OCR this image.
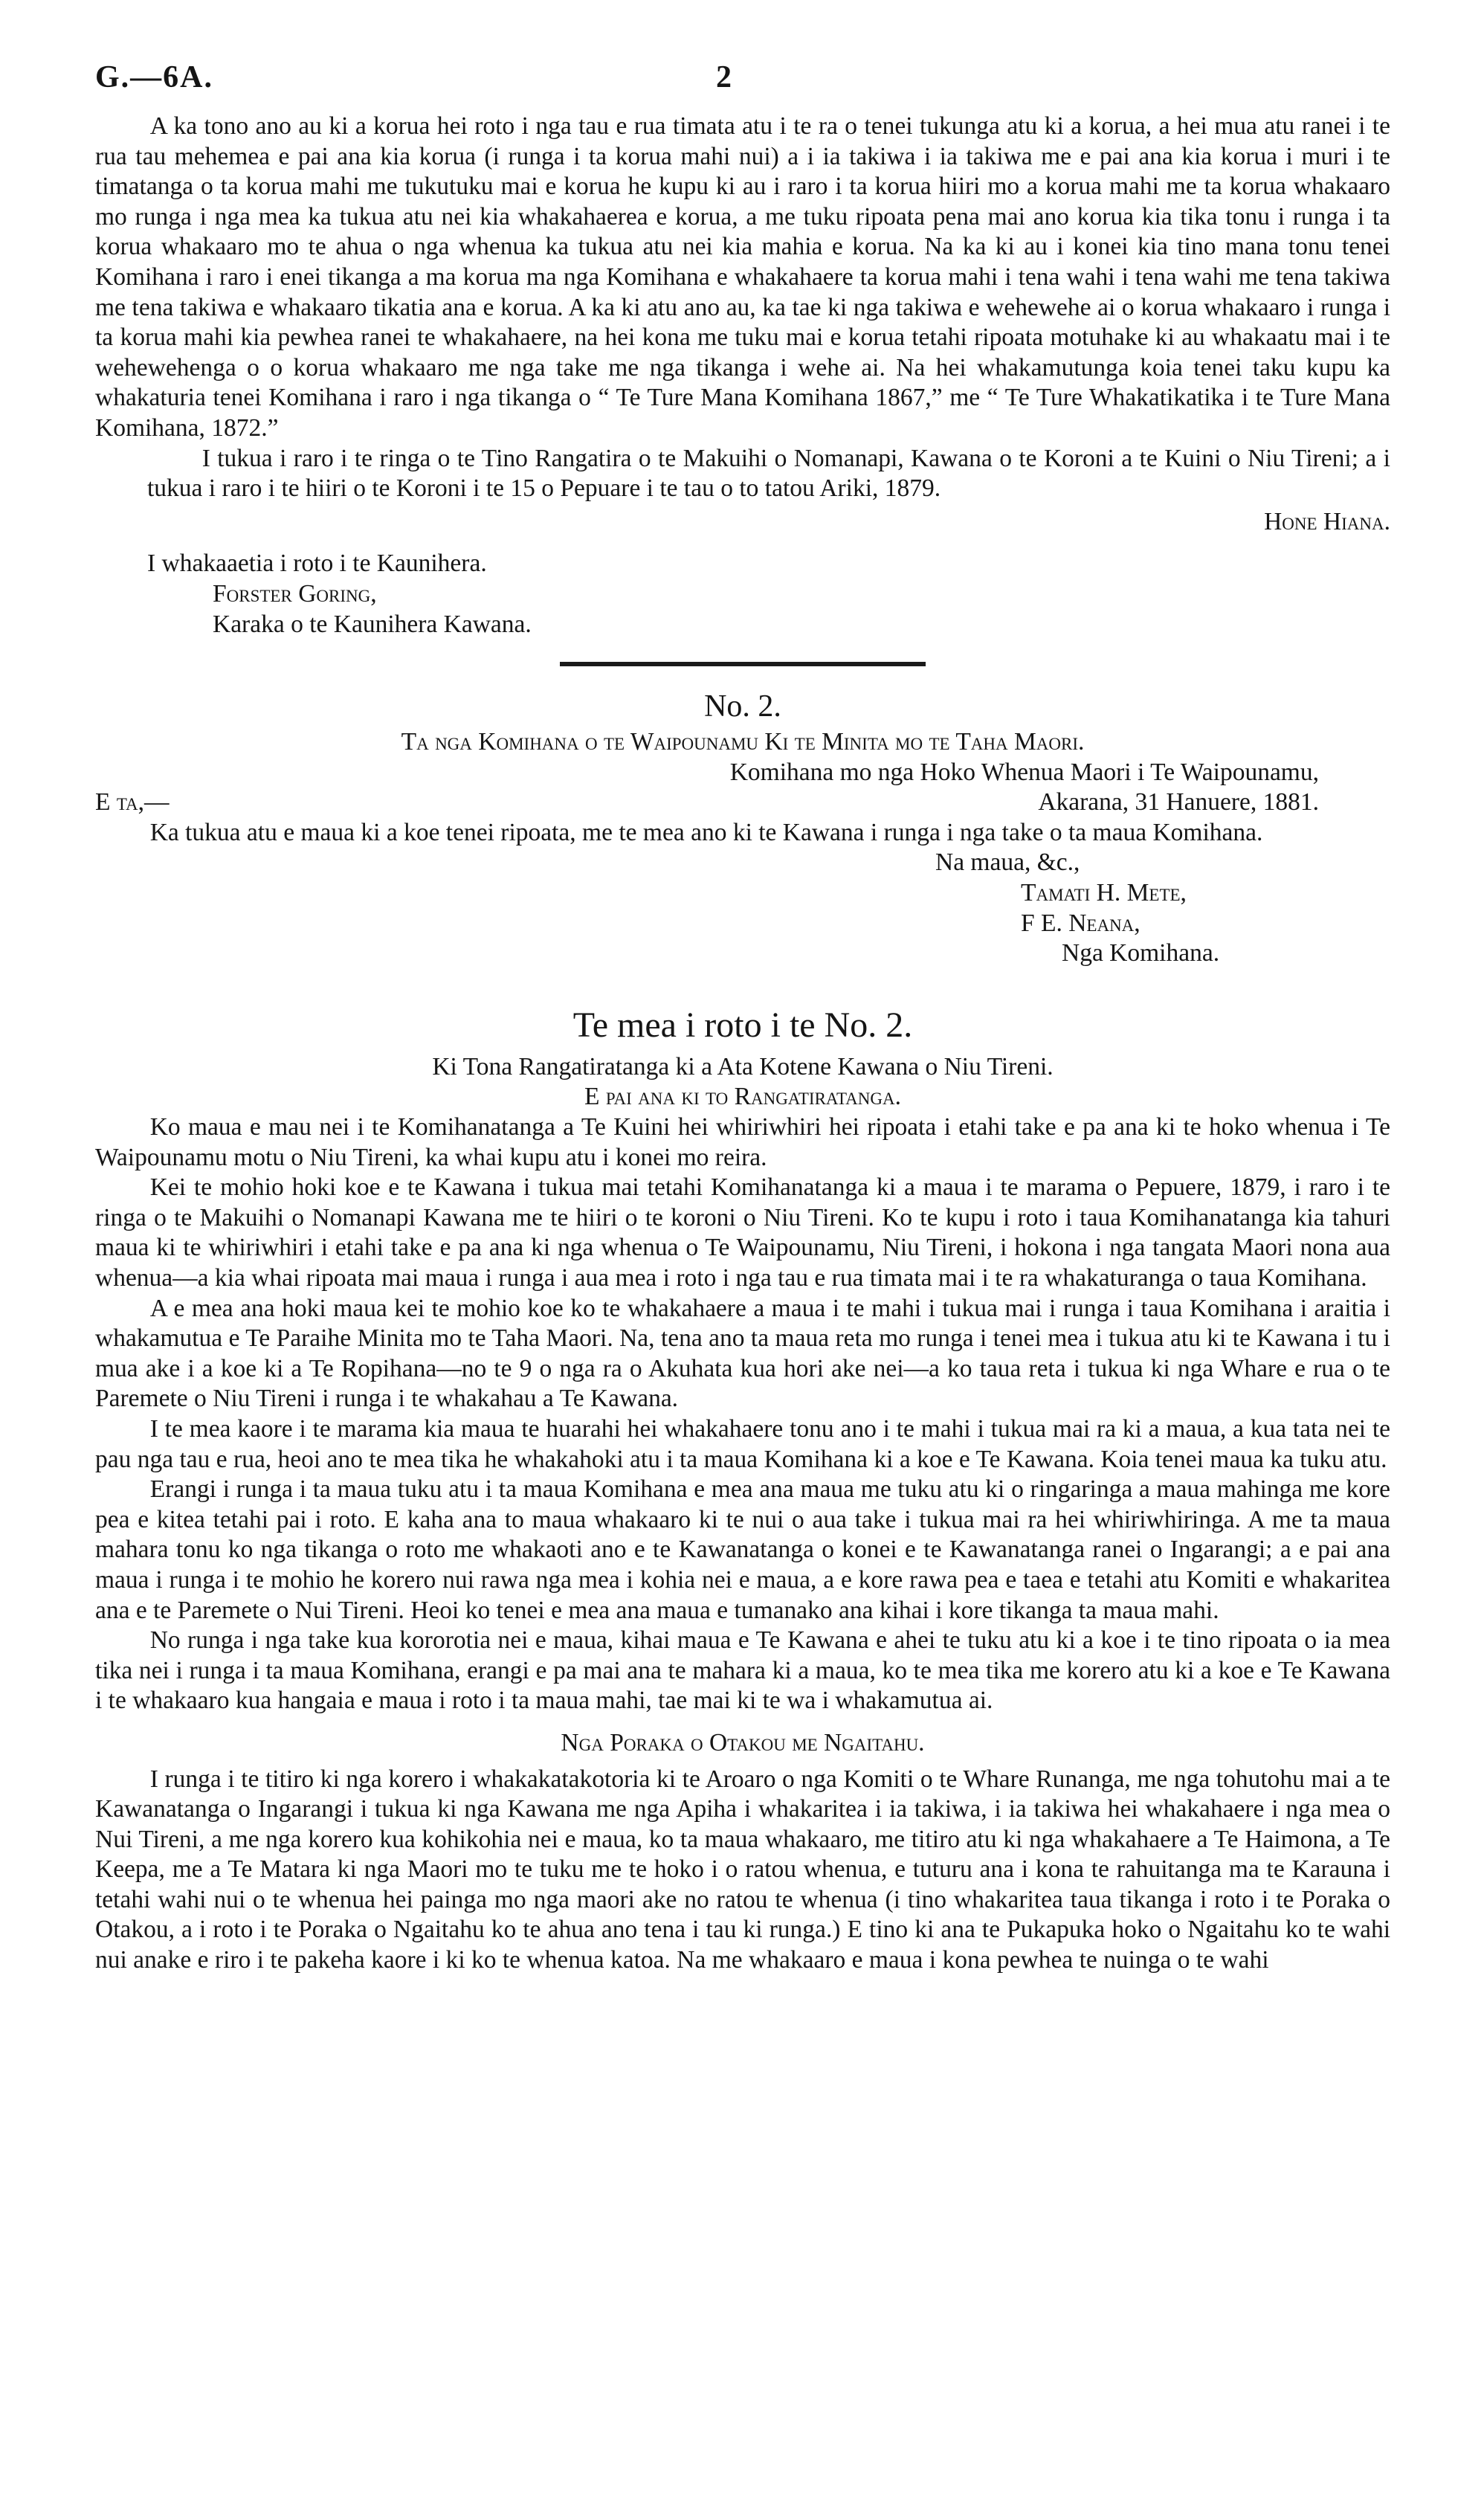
G.—6A.	2

A ka tono ano au ki a korua hei roto i nga tau e rua timata atu i te ra o tenei tukunga atu ki a korua, a hei mua atu ranei i te rua tau mehemea e pai ana kia korua (i runga i ta korua mahi nui) a i ia takiwa i ia takiwa me e pai ana kia korua i muri i te timatanga o ta korua mahi me tukutuku mai e korua he kupu ki au i raro i ta korua hiiri mo a korua mahi me ta korua whakaaro mo runga i nga mea ka tukua atu nei kia whakahaerea e korua, a me tuku ripoata pena mai ano korua kia tika tonu i runga i ta korua whakaaro mo te ahua o nga whenua ka tukua atu nei kia mahia e korua. Na ka ki au i konei kia tino mana tonu tenei Komihana i raro i enei tikanga a ma korua ma nga Komihana e whakahaere ta korua mahi i tena wahi i tena wahi me tena takiwa me tena takiwa e whakaaro tikatia ana e korua. A ka ki atu ano au, ka tae ki nga takiwa e wehewehe ai o korua whakaaro i runga i ta korua mahi kia pewhea ranei te whakahaere, na hei kona me tuku mai e korua tetahi ripoata motuhake ki au whakaatu mai i te wehewehenga o o korua whakaaro me nga take me nga tikanga i wehe ai. Na hei whakamutunga koia tenei taku kupu ka whakaturia tenei Komihana i raro i nga tikanga o “ Te Ture Mana Komihana 1867,” me “ Te Ture Whakatikatika i te Ture Mana Komihana, 1872.”

I tukua i raro i te ringa o te Tino Rangatira o te Makuihi o Nomanapi, Kawana o te Koroni a te Kuini o Niu Tireni; a i tukua i raro i te hiiri o te Koroni i te 15 o Pepuare i te tau o to tatou Ariki, 1879.

Hone Hiana.

I whakaaetia i roto i te Kaunihera.

Forster Goring,

Karaka o te Kaunihera Kawana.

No. 2.

Ta nga Komihana o te Waipounamu Ki te Minita mo te Taha Maori.

Komihana mo nga Hoko Whenua Maori i Te Waipounamu,

E ta,—	Akarana, 31 Hanuere, 1881.

Ka tukua atu e maua ki a koe tenei ripoata, me te mea ano ki te Kawana i runga i nga take o ta maua Komihana.

Na maua, &c.,

Tamati H. Mete,

F E. Neana,

Nga Komihana.

Te mea i roto i te No. 2.

Ki Tona Rangatiratanga ki a Ata Kotene Kawana o Niu Tireni.

E pai ana ki to Rangatiratanga.

Ko maua e mau nei i te Komihanatanga a Te Kuini hei whiriwhiri hei ripoata i etahi take e pa ana ki te hoko whenua i Te Waipounamu motu o Niu Tireni, ka whai kupu atu i konei mo reira.

Kei te mohio hoki koe e te Kawana i tukua mai tetahi Komihanatanga ki a maua i te marama o Pepuere, 1879, i raro i te ringa o te Makuihi o Nomanapi Kawana me te hiiri o te koroni o Niu Tireni. Ko te kupu i roto i taua Komihanatanga kia tahuri maua ki te whiriwhiri i etahi take e pa ana ki nga whenua o Te Waipounamu, Niu Tireni, i hokona i nga tangata Maori nona aua whenua—a kia whai ripoata mai maua i runga i aua mea i roto i nga tau e rua timata mai i te ra whakaturanga o taua Komihana.

A e mea ana hoki maua kei te mohio koe ko te whakahaere a maua i te mahi i tukua mai i runga i taua Komihana i araitia i whakamutua e Te Paraihe Minita mo te Taha Maori. Na, tena ano ta maua reta mo runga i tenei mea i tukua atu ki te Kawana i tu i mua ake i a koe ki a Te Ropihana—no te 9 o nga ra o Akuhata kua hori ake nei—a ko taua reta i tukua ki nga Whare e rua o te Paremete o Niu Tireni i runga i te whakahau a Te Kawana.

I te mea kaore i te marama kia maua te huarahi hei whakahaere tonu ano i te mahi i tukua mai ra ki a maua, a kua tata nei te pau nga tau e rua, heoi ano te mea tika he whakahoki atu i ta maua Komihana ki a koe e Te Kawana. Koia tenei maua ka tuku atu.

Erangi i runga i ta maua tuku atu i ta maua Komihana e mea ana maua me tuku atu ki o ringaringa a maua mahinga me kore pea e kitea tetahi pai i roto. E kaha ana to maua whakaaro ki te nui o aua take i tukua mai ra hei whiriwhiringa. A me ta maua mahara tonu ko nga tikanga o roto me whakaoti ano e te Kawanatanga o konei e te Kawanatanga ranei o Ingarangi; a e pai ana maua i runga i te mohio he korero nui rawa nga mea i kohia nei e maua, a e kore rawa pea e taea e tetahi atu Komiti e whakaritea ana e te Paremete o Nui Tireni. Heoi ko tenei e mea ana maua e tumanako ana kihai i kore tikanga ta maua mahi.

No runga i nga take kua kororotia nei e maua, kihai maua e Te Kawana e ahei te tuku atu ki a koe i te tino ripoata o ia mea tika nei i runga i ta maua Komihana, erangi e pa mai ana te mahara ki a maua, ko te mea tika me korero atu ki a koe e Te Kawana i te whakaaro kua hangaia e maua i roto i ta maua mahi, tae mai ki te wa i whakamutua ai.

Nga Poraka o Otakou me Ngaitahu.

I runga i te titiro ki nga korero i whakakatakotoria ki te Aroaro o nga Komiti o te Whare Runanga, me nga tohutohu mai a te Kawanatanga o Ingarangi i tukua ki nga Kawana me nga Apiha i whakaritea i ia takiwa, i ia takiwa hei whakahaere i nga mea o Nui Tireni, a me nga korero kua kohikohia nei e maua, ko ta maua whakaaro, me titiro atu ki nga whakahaere a Te Haimona, a Te Keepa, me a Te Matara ki nga Maori mo te tuku me te hoko i o ratou whenua, e tuturu ana i kona te rahuitanga ma te Karauna i tetahi wahi nui o te whenua hei painga mo nga maori ake no ratou te whenua (i tino whakaritea taua tikanga i roto i te Poraka o Otakou, a i roto i te Poraka o Ngaitahu ko te ahua ano tena i tau ki runga.) E tino ki ana te Pukapuka hoko o Ngaitahu ko te wahi nui anake e riro i te pakeha kaore i ki ko te whenua katoa. Na me whakaaro e maua i kona pewhea te nuinga o te wahi
